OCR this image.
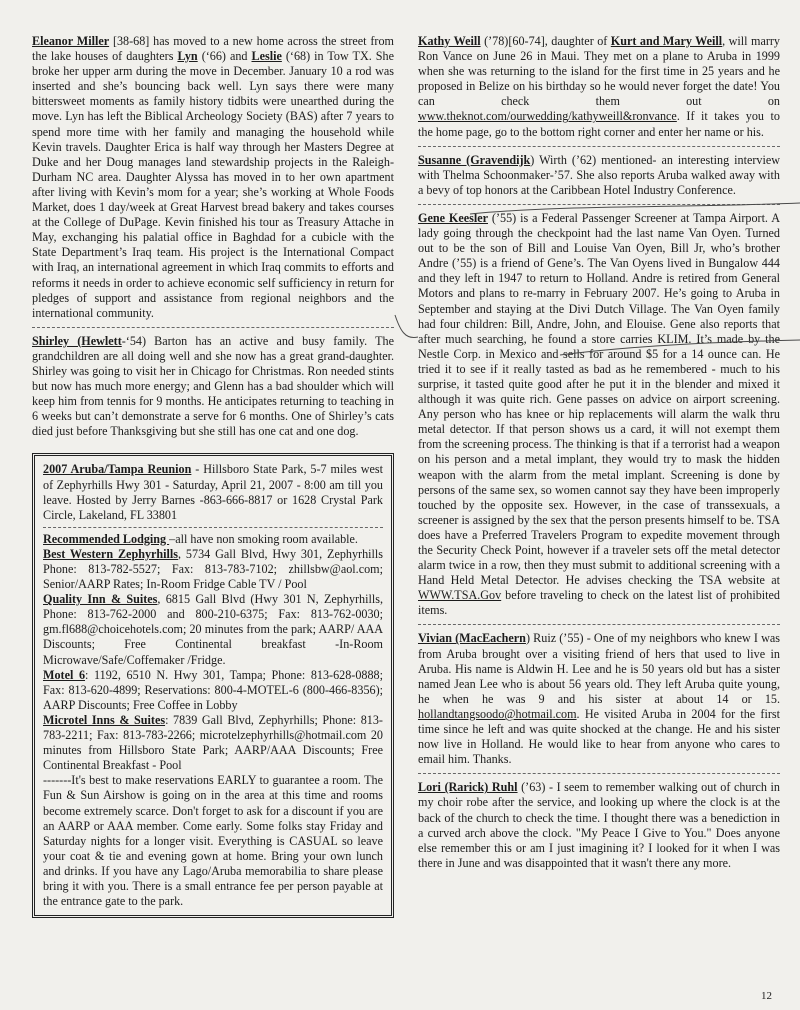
Eleanor Miller [38-68] has moved to a new home across the street from the lake houses of daughters Lyn (‘66) and Leslie (‘68) in Tow TX. She broke her upper arm during the move in December. January 10 a rod was inserted and she’s bouncing back well. Lyn says there were many bittersweet moments as family history tidbits were unearthed during the move. Lyn has left the Biblical Archeology Society (BAS) after 7 years to spend more time with her family and managing the household while Kevin travels. Daughter Erica is half way through her Masters Degree at Duke and her Doug manages land stewardship projects in the Raleigh-Durham NC area. Daughter Alyssa has moved in to her own apartment after living with Kevin’s mom for a year; she’s working at Whole Foods Market, does 1 day/week at Great Harvest bread bakery and takes courses at the College of DuPage. Kevin finished his tour as Treasury Attache in May, exchanging his palatial office in Baghdad for a cubicle with the State Department’s Iraq team. His project is the International Compact with Iraq, an international agreement in which Iraq commits to efforts and reforms it needs in order to achieve economic self sufficiency in return for pledges of support and assistance from regional neighbors and the international community.

Shirley (Hewlett-‘54) Barton has an active and busy family. The grandchildren are all doing well and she now has a great grand-daughter. Shirley was going to visit her in Chicago for Christmas. Ron needed stints but now has much more energy; and Glenn has a bad shoulder which will keep him from tennis for 9 months. He anticipates returning to teaching in 6 weeks but can’t demonstrate a serve for 6 months. One of Shirley’s cats died just before Thanksgiving but she still has one cat and one dog.

2007 Aruba/Tampa Reunion - Hillsboro State Park, 5-7 miles west of Zephyrhills Hwy 301 - Saturday, April 21, 2007 - 8:00 am till you leave. Hosted by Jerry Barnes -863-666-8817 or 1628 Crystal Park Circle, Lakeland, FL 33801

Recommended Lodging –all have non smoking room available.

Best Western Zephyrhills, 5734 Gall Blvd, Hwy 301, Zephyrhills Phone: 813-782-5527; Fax: 813-783-7102; zhillsbw@aol.com; Senior/AARP Rates; In-Room Fridge Cable TV / Pool

Quality Inn & Suites, 6815 Gall Blvd (Hwy 301 N, Zephyrhills, Phone: 813-762-2000 and 800-210-6375; Fax: 813-762-0030; gm.fl688@choicehotels.com; 20 minutes from the park; AARP/ AAA Discounts; Free Continental breakfast -In-Room Microwave/Safe/Coffemaker /Fridge.

Motel 6: 1192, 6510 N. Hwy 301, Tampa; Phone: 813-628-0888; Fax: 813-620-4899; Reservations: 800-4-MOTEL-6 (800-466-8356); AARP Discounts; Free Coffee in Lobby

Microtel Inns & Suites: 7839 Gall Blvd, Zephyrhills; Phone: 813-783-2211; Fax: 813-783-2266; microtelzephyrhills@hotmail.com 20 minutes from Hillsboro State Park; AARP/AAA Discounts; Free Continental Breakfast - Pool

-------It's best to make reservations EARLY to guarantee a room. The Fun & Sun Airshow is going on in the area at this time and rooms become extremely scarce. Don't forget to ask for a discount if you are an AARP or AAA member. Come early. Some folks stay Friday and Saturday nights for a longer visit. Everything is CASUAL so leave your coat & tie and evening gown at home. Bring your own lunch and drinks. If you have any Lago/Aruba memorabilia to share please bring it with you. There is a small entrance fee per person payable at the entrance gate to the park.

Kathy Weill (’78)[60-74], daughter of Kurt and Mary Weill, will marry Ron Vance on June 26 in Maui. They met on a plane to Aruba in 1999 when she was returning to the island for the first time in 25 years and he proposed in Belize on his birthday so he would never forget the date! You can check them out on www.theknot.com/ourwedding/kathyweill&ronvance. If it takes you to the home page, go to the bottom right corner and enter her name or his.

Susanne (Gravendijk) Wirth (’62) mentioned- an interesting interview with Thelma Schoonmaker-’57. She also reports Aruba walked away with a bevy of top honors at the Caribbean Hotel Industry Conference.

Gene Keesler (’55) is a Federal Passenger Screener at Tampa Airport. A lady going through the checkpoint had the last name Van Oyen. Turned out to be the son of Bill and Louise Van Oyen, Bill Jr, who’s brother Andre (’55) is a friend of Gene’s. The Van Oyens lived in Bungalow 444 and they left in 1947 to return to Holland. Andre is retired from General Motors and plans to re-marry in February 2007. He’s going to Aruba in September and staying at the Divi Dutch Village. The Van Oyen family had four children: Bill, Andre, John, and Elouise. Gene also reports that after much searching, he found a store carries KLIM. It’s made by the Nestle Corp. in Mexico and sells for around $5 for a 14 ounce can. He tried it to see if it really tasted as bad as he remembered - much to his surprise, it tasted quite good after he put it in the blender and mixed it although it was quite rich. Gene passes on advice on airport screening. Any person who has knee or hip replacements will alarm the walk thru metal detector. If that person shows us a card, it will not exempt them from the screening process. The thinking is that if a terrorist had a weapon on his person and a metal implant, they would try to mask the hidden weapon with the alarm from the metal implant. Screening is done by persons of the same sex, so women cannot say they have been improperly touched by the opposite sex. However, in the case of transsexuals, a screener is assigned by the sex that the person presents himself to be. TSA does have a Preferred Travelers Program to expedite movement through the Security Check Point, however if a traveler sets off the metal detector alarm twice in a row, then they must submit to additional screening with a Hand Held Metal Detector. He advises checking the TSA website at WWW.TSA.Gov before traveling to check on the latest list of prohibited items.

Vivian (MacEachern) Ruiz (’55) - One of my neighbors who knew I was from Aruba brought over a visiting friend of hers that used to live in Aruba. His name is Aldwin H. Lee and he is 50 years old but has a sister named Jean Lee who is about 56 years old. They left Aruba quite young, he when he was 9 and his sister at about 14 or 15. hollandtangsoodo@hotmail.com. He visited Aruba in 2004 for the first time since he left and was quite shocked at the change. He and his sister now live in Holland. He would like to hear from anyone who cares to email him. Thanks.

Lori (Rarick) Ruhl (’63) - I seem to remember walking out of church in my choir robe after the service, and looking up where the clock is at the back of the church to check the time. I thought there was a benediction in a curved arch above the clock. "My Peace I Give to You." Does anyone else remember this or am I just imagining it? I looked for it when I was there in June and was disappointed that it wasn't there any more.

12
